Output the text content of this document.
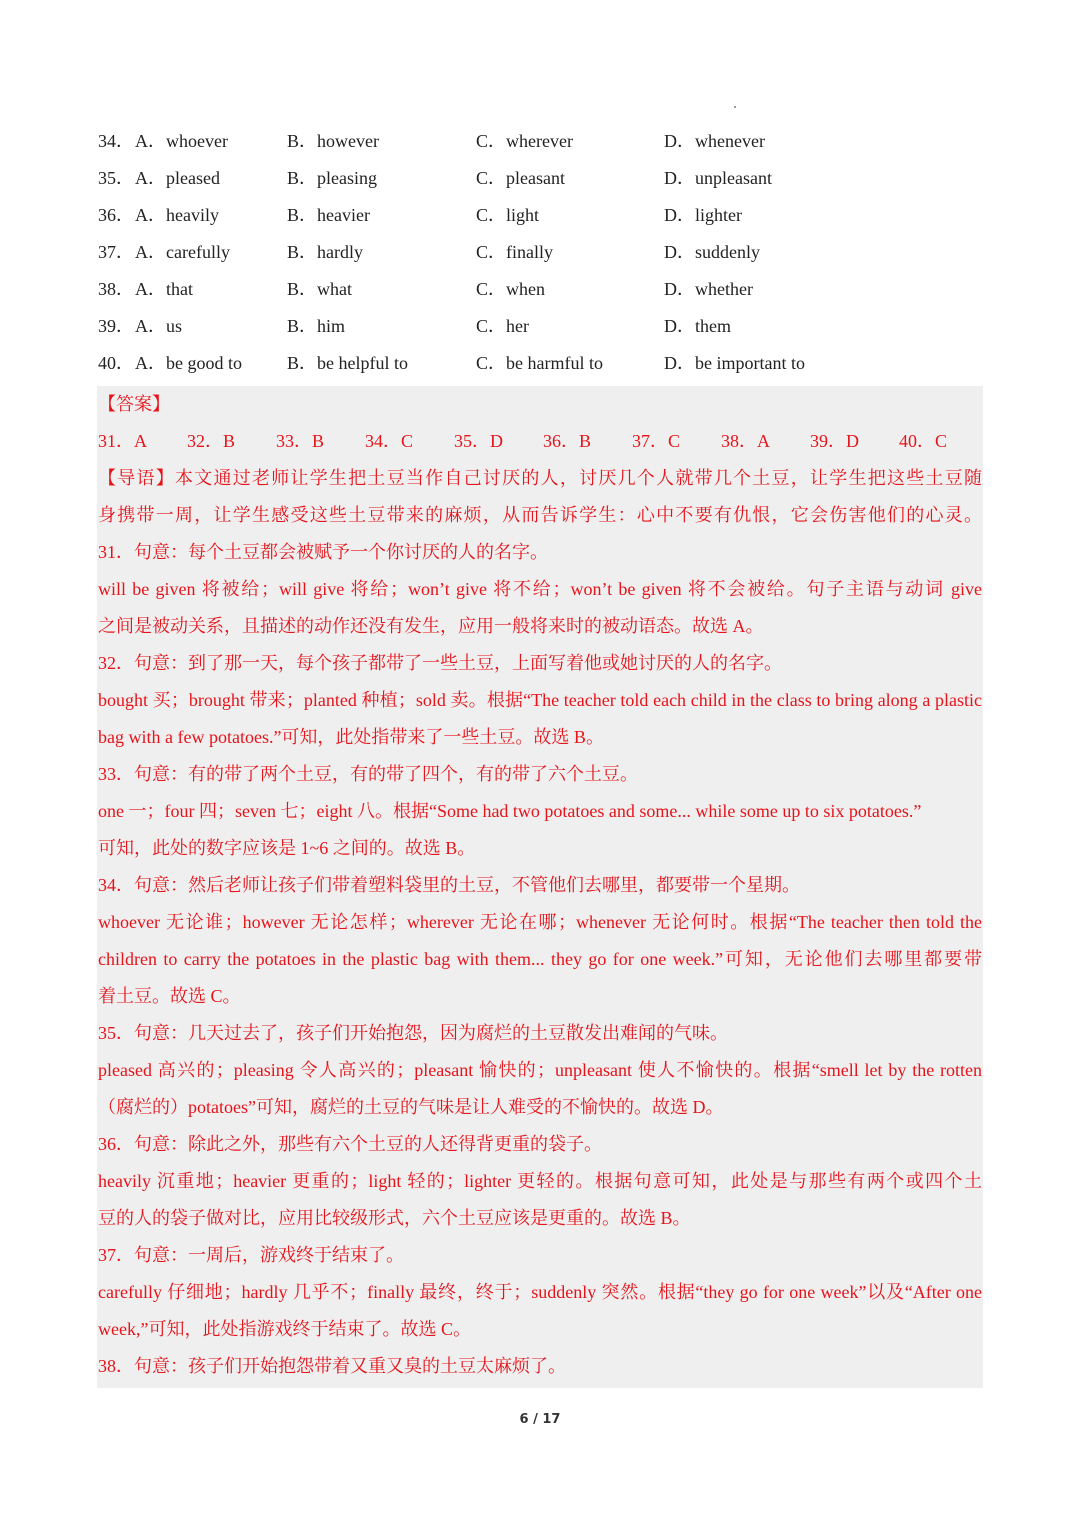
34． A．whoever	B．however	C．wherever	D．whenever
35． A．pleased	B．pleasing	C．pleasant	D．unpleasant
36． A．heavily	B．heavier	C．light	D．lighter
37． A．carefully	B．hardly	C．finally	D．suddenly
38． A．that	B．what	C．when	D．whether
39． A．us	B．him	C．her	D．them
40． A．be good to	B．be helpful to	C．be harmful to	D．be important to
【答案】
31．A 32．B 33．B 34．C 35．D 36．B 37．C 38．A 39．D 40．C
【导语】本文通过老师让学生把土豆当作自己讨厌的人，讨厌几个人就带几个土豆，让学生把这些土豆随
身携带一周，让学生感受这些土豆带来的麻烦，从而告诉学生：心中不要有仇恨，它会伤害他们的心灵。
31．句意：每个土豆都会被赋予一个你讨厌的人的名字。
will be given 将被给；will give 将给；won’t give 将不给；won’t be given 将不会被给。句子主语与动词 give
之间是被动关系，且描述的动作还没有发生，应用一般将来时的被动语态。故选 A。
32．句意：到了那一天，每个孩子都带了一些土豆，上面写着他或她讨厌的人的名字。
bought 买；brought 带来；planted 种植；sold 卖。根据“The teacher told each child in the class to bring along a plastic
bag with a few potatoes.”可知，此处指带来了一些土豆。故选 B。
33．句意：有的带了两个土豆，有的带了四个，有的带了六个土豆。
one 一；four 四；seven 七；eight 八。根据“Some had two potatoes and some... while some up to six potatoes.”
可知，此处的数字应该是 1~6 之间的。故选 B。
34．句意：然后老师让孩子们带着塑料袋里的土豆，不管他们去哪里，都要带一个星期。
whoever 无论谁；however 无论怎样；wherever 无论在哪；whenever 无论何时。根据“The teacher then told the
children to carry the potatoes in the plastic bag with them... they go for one week.”可知，无论他们去哪里都要带
着土豆。故选 C。
35．句意：几天过去了，孩子们开始抱怨，因为腐烂的土豆散发出难闻的气味。
pleased 高兴的；pleasing 令人高兴的；pleasant 愉快的；unpleasant 使人不愉快的。根据“smell let by the rotten
（腐烂的）potatoes”可知，腐烂的土豆的气味是让人难受的不愉快的。故选 D。
36．句意：除此之外，那些有六个土豆的人还得背更重的袋子。
heavily 沉重地；heavier 更重的；light 轻的；lighter 更轻的。根据句意可知，此处是与那些有两个或四个土
豆的人的袋子做对比，应用比较级形式，六个土豆应该是更重的。故选 B。
37．句意：一周后，游戏终于结束了。
carefully 仔细地；hardly 几乎不；finally 最终，终于；suddenly 突然。根据“they go for one week”以及“After one
week,”可知，此处指游戏终于结束了。故选 C。
38．句意：孩子们开始抱怨带着又重又臭的土豆太麻烦了。
6 / 17
